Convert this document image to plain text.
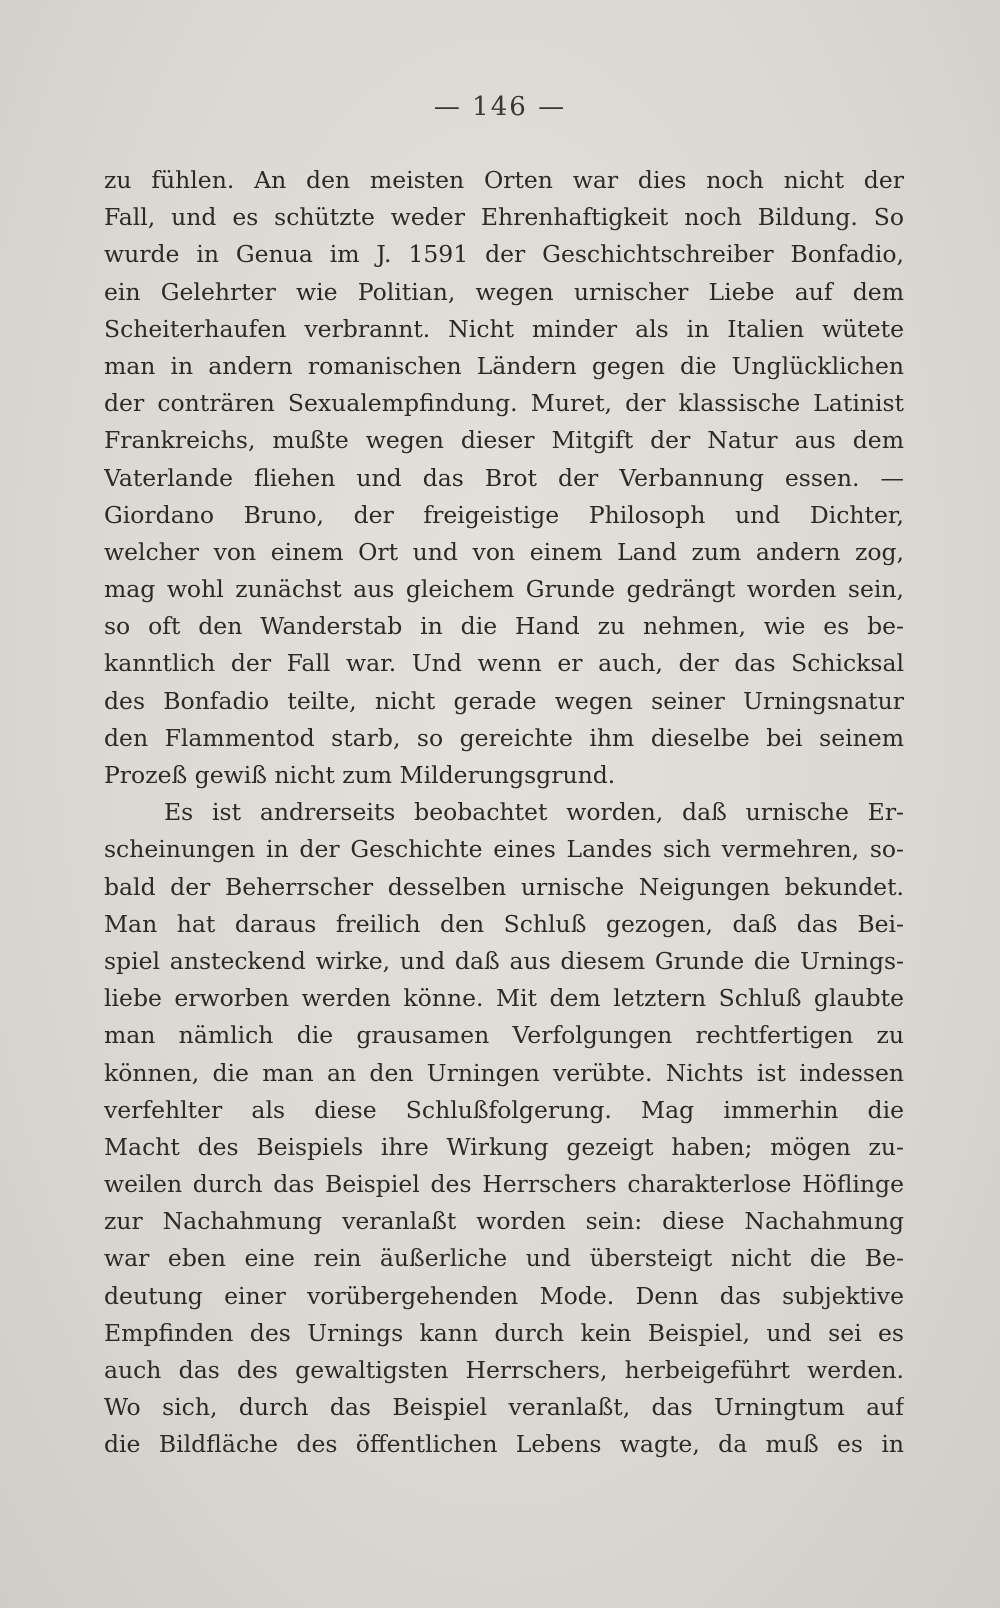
— 146 —
zu fühlen. An den meisten Orten war dies noch nicht der
Fall, und es schützte weder Ehrenhaftigkeit noch Bildung. So
wurde in Genua im J. 1591 der Geschichtschreiber Bonfadio,
ein Gelehrter wie Politian, wegen urnischer Liebe auf dem
Scheiterhaufen verbrannt. Nicht minder als in Italien wütete
man in andern romanischen Ländern gegen die Unglücklichen
der conträren Sexualempfindung. Muret, der klassische Latinist
Frankreichs, mußte wegen dieser Mitgift der Natur aus dem
Vaterlande fliehen und das Brot der Verbannung essen. —
Giordano Bruno, der freigeistige Philosoph und Dichter,
welcher von einem Ort und von einem Land zum andern zog,
mag wohl zunächst aus gleichem Grunde gedrängt worden sein,
so oft den Wanderstab in die Hand zu nehmen, wie es be-
kanntlich der Fall war. Und wenn er auch, der das Schicksal
des Bonfadio teilte, nicht gerade wegen seiner Urningsnatur
den Flammentod starb, so gereichte ihm dieselbe bei seinem
Prozeß gewiß nicht zum Milderungsgrund.
Es ist andrerseits beobachtet worden, daß urnische Er-
scheinungen in der Geschichte eines Landes sich vermehren, so-
bald der Beherrscher desselben urnische Neigungen bekundet.
Man hat daraus freilich den Schluß gezogen, daß das Bei-
spiel ansteckend wirke, und daß aus diesem Grunde die Urnings-
liebe erworben werden könne. Mit dem letztern Schluß glaubte
man nämlich die grausamen Verfolgungen rechtfertigen zu
können, die man an den Urningen verübte. Nichts ist indessen
verfehlter als diese Schlußfolgerung. Mag immerhin die
Macht des Beispiels ihre Wirkung gezeigt haben; mögen zu-
weilen durch das Beispiel des Herrschers charakterlose Höflinge
zur Nachahmung veranlaßt worden sein: diese Nachahmung
war eben eine rein äußerliche und übersteigt nicht die Be-
deutung einer vorübergehenden Mode. Denn das subjektive
Empfinden des Urnings kann durch kein Beispiel, und sei es
auch das des gewaltigsten Herrschers, herbeigeführt werden.
Wo sich, durch das Beispiel veranlaßt, das Urningtum auf
die Bildfläche des öffentlichen Lebens wagte, da muß es in
